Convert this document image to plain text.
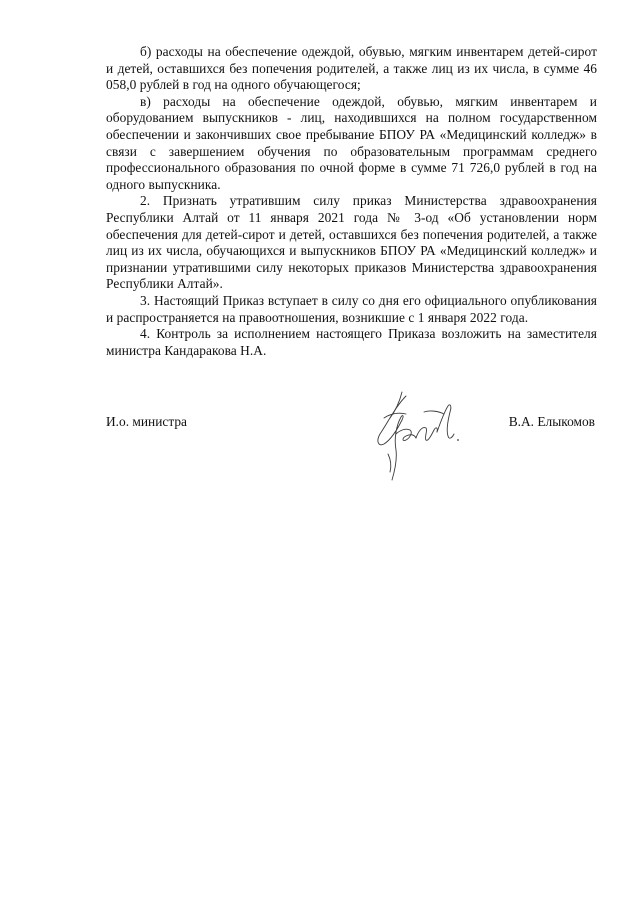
б) расходы на обеспечение одеждой, обувью, мягким инвентарем детей-сирот и детей, оставшихся без попечения родителей, а также лиц из их числа, в сумме 46 058,0 рублей в год на одного обучающегося;

в) расходы на обеспечение одеждой, обувью, мягким инвентарем и оборудованием выпускников - лиц, находившихся на полном государственном обеспечении и закончивших свое пребывание БПОУ РА «Медицинский колледж» в связи с завершением обучения по образовательным программам среднего профессионального образования по очной форме в сумме 71 726,0 рублей в год на одного выпускника.

2. Признать утратившим силу приказ Министерства здравоохранения Республики Алтай от 11 января 2021 года № 3-од «Об установлении норм обеспечения для детей-сирот и детей, оставшихся без попечения родителей, а также лиц из их числа, обучающихся и выпускников БПОУ РА «Медицинский колледж» и признании утратившими силу некоторых приказов Министерства здравоохранения Республики Алтай».

3. Настоящий Приказ вступает в силу со дня его официального опубликования и распространяется на правоотношения, возникшие с 1 января 2022 года.

4. Контроль за исполнением настоящего Приказа возложить на заместителя министра Кандаракова Н.А.

И.о. министра	В.А. Елыкомов
